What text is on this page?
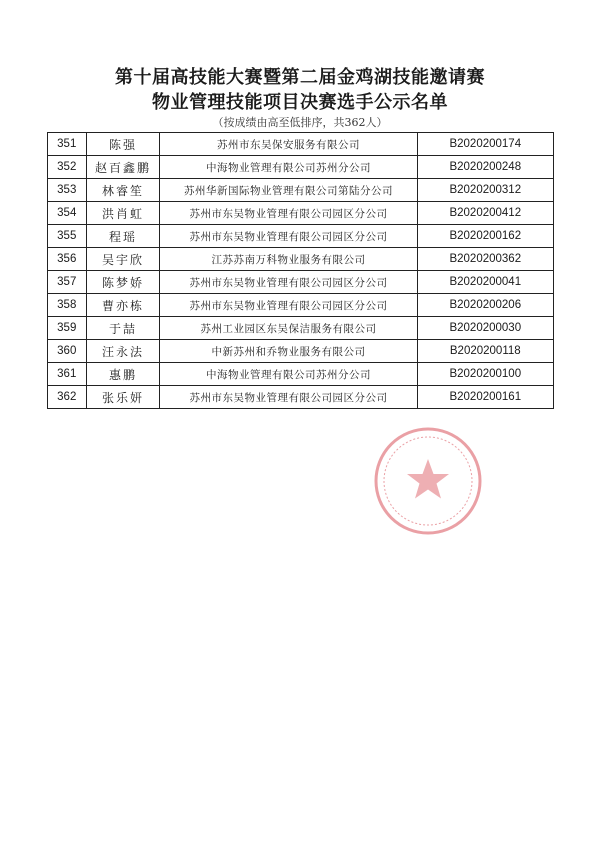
第十届高技能大赛暨第二届金鸡湖技能邀请赛
物业管理技能项目决赛选手公示名单
（按成绩由高至低排序，共362人）
351	陈强	苏州市东吴保安服务有限公司	B2020200174
352	赵百鑫鹏	中海物业管理有限公司苏州分公司	B2020200248
353	林睿笙	苏州华新国际物业管理有限公司第陆分公司	B2020200312
354	洪肖虹	苏州市东吴物业管理有限公司园区分公司	B2020200412
355	程瑶	苏州市东吴物业管理有限公司园区分公司	B2020200162
356	吴宇欣	江苏苏南万科物业服务有限公司	B2020200362
357	陈梦娇	苏州市东吴物业管理有限公司园区分公司	B2020200041
358	曹亦栋	苏州市东吴物业管理有限公司园区分公司	B2020200206
359	于喆	苏州工业园区东吴保洁服务有限公司	B2020200030
360	汪永法	中新苏州和乔物业服务有限公司	B2020200118
361	惠鹏	中海物业管理有限公司苏州分公司	B2020200100
362	张乐妍	苏州市东吴物业管理有限公司园区分公司	B2020200161
